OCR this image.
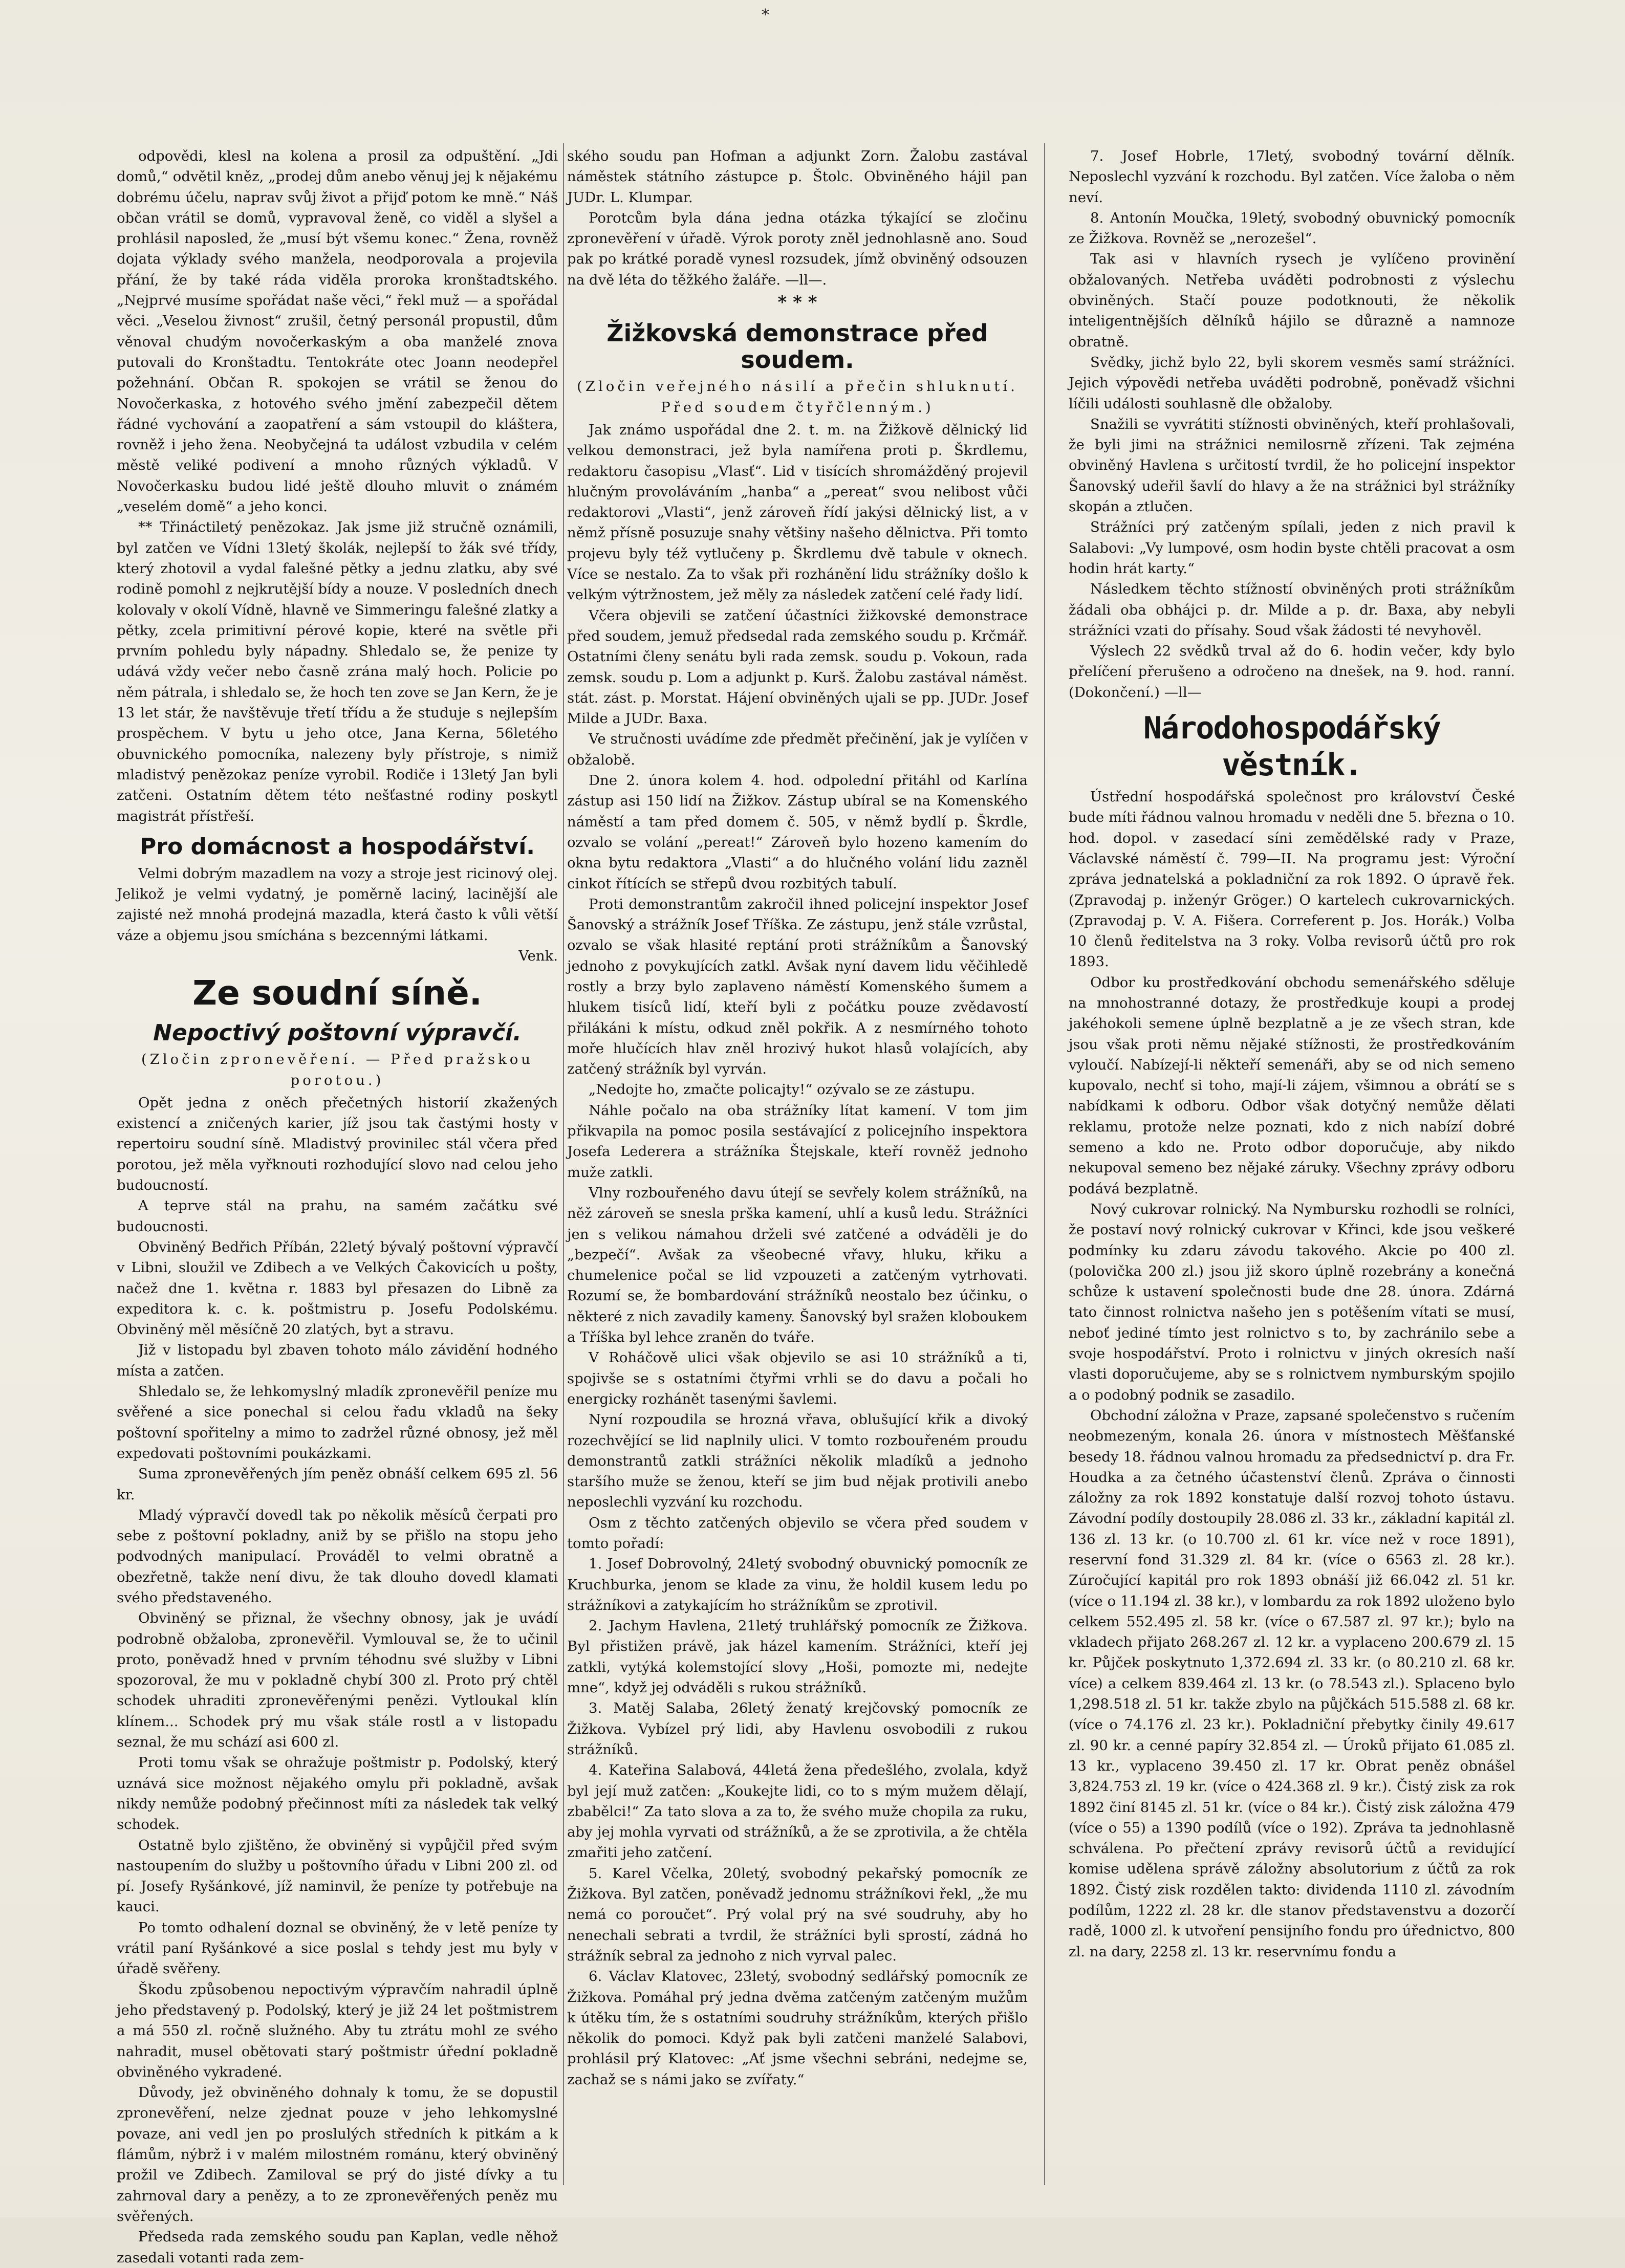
*

odpovědi, klesl na kolena a prosil za odpuštění. „Jdi domů,“ odvětil kněz, „prodej dům anebo věnuj jej k nějakému dobrému účelu, naprav svůj život a přijď potom ke mně.“ Náš občan vrátil se domů, vypravoval ženě, co viděl a slyšel a prohlásil naposled, že „musí být všemu konec.“ Žena, rovněž dojata výklady svého manžela, neodporovala a projevila přání, že by také ráda viděla proroka kronštadtského. „Nejprvé musíme spořádat naše věci,“ řekl muž — a spořádal věci. „Veselou živnost“ zrušil, četný personál propustil, dům věnoval chudým novočerkaským a oba manželé znova putovali do Kronštadtu. Tentokráte otec Joann neodepřel požehnání. Občan R. spokojen se vrátil se ženou do Novočerkaska, z hotového svého jmění zabezpečil dětem řádné vychování a zaopatření a sám vstoupil do kláštera, rovněž i jeho žena. Neobyčejná ta událost vzbudila v celém městě veliké podivení a mnoho různých výkladů. V Novočerkasku budou lidé ještě dlouho mluvit o známém „veselém domě“ a jeho konci.

** Třináctiletý penězokaz. Jak jsme již stručně oznámili, byl zatčen ve Vídni 13letý školák, nejlepší to žák své třídy, který zhotovil a vydal falešné pětky a jednu zlatku, aby své rodině pomohl z nejkrutější bídy a nouze. V posledních dnech kolovaly v okolí Vídně, hlavně ve Simmeringu falešné zlatky a pětky, zcela primitivní pérové kopie, které na světle při prvním pohledu byly nápadny. Shledalo se, že penize ty udává vždy večer nebo časně zrána malý hoch. Policie po něm pátrala, i shledalo se, že hoch ten zove se Jan Kern, že je 13 let stár, že navštěvuje třetí třídu a že studuje s nejlepším prospěchem. V bytu u jeho otce, Jana Kerna, 56letého obuvnického pomocníka, nalezeny byly přístroje, s nimiž mladistvý penězokaz peníze vyrobil. Rodiče i 13letý Jan byli zatčeni. Ostatním dětem této nešťastné rodiny poskytl magistrát přístřeší.

Pro domácnost a hospodářství.

Velmi dobrým mazadlem na vozy a stroje jest ricinový olej. Jelikož je velmi vydatný, je poměrně laciný, lacinější ale zajisté než mnohá prodejná mazadla, která často k vůli větší váze a objemu jsou smíchána s bezcennými látkami.

Venk.
Ze soudní síně.
Nepoctivý poštovní výpravčí.
(Zločin zpronevěření. — Před pražskou porotou.)

Opět jedna z oněch přečetných historií zkažených existencí a zničených karier, jíž jsou tak častými hosty v repertoiru soudní síně. Mladistvý provinilec stál včera před porotou, jež měla vyřknouti rozhodující slovo nad celou jeho budoucností.

A teprve stál na prahu, na samém začátku své budoucnosti.

Obviněný Bedřich Příbán, 22letý bývalý poštovní výpravčí v Libni, sloužil ve Zdibech a ve Velkých Čakovicích u pošty, načež dne 1. května r. 1883 byl přesazen do Libně za expeditora k. c. k. poštmistru p. Josefu Podolskému. Obviněný měl měsíčně 20 zlatých, byt a stravu.

Již v listopadu byl zbaven tohoto málo závidění hodného místa a zatčen.

Shledalo se, že lehkomyslný mladík zpronevěřil peníze mu svěřené a sice ponechal si celou řadu vkladů na šeky poštovní spořitelny a mimo to zadržel různé obnosy, jež měl expedovati poštovními poukázkami.

Suma zpronevěřených jím peněz obnáší celkem 695 zl. 56 kr.

Mladý výpravčí dovedl tak po několik měsíců čerpati pro sebe z poštovní pokladny, aniž by se přišlo na stopu jeho podvodných manipulací. Prováděl to velmi obratně a obezřetně, takže není divu, že tak dlouho dovedl klamati svého představeného.

Obviněný se přiznal, že všechny obnosy, jak je uvádí podrobně obžaloba, zpronevěřil. Vymlouval se, že to učinil proto, poněvadž hned v prvním téhodnu své služby v Libni spozoroval, že mu v pokladně chybí 300 zl. Proto prý chtěl schodek uhraditi zpronevěřenými penězi. Vytloukal klín klínem... Schodek prý mu však stále rostl a v listopadu seznal, že mu schází asi 600 zl.

Proti tomu však se ohražuje poštmistr p. Podolský, který uznává sice možnost nějakého omylu při pokladně, avšak nikdy nemůže podobný přečinnost míti za následek tak velký schodek.

Ostatně bylo zjištěno, že obviněný si vypůjčil před svým nastoupením do služby u poštovního úřadu v Libni 200 zl. od pí. Josefy Ryšánkové, jíž naminvil, že peníze ty potřebuje na kauci.

Po tomto odhalení doznal se obviněný, že v letě peníze ty vrátil paní Ryšánkové a sice poslal s tehdy jest mu byly v úřadě svěřeny.

Škodu způsobenou nepoctivým výpravčím nahradil úplně jeho představený p. Podolský, který je již 24 let poštmistrem a má 550 zl. ročně služného. Aby tu ztrátu mohl ze svého nahradit, musel obětovati starý poštmistr úřední pokladně obviněného vykradené.

Důvody, jež obviněného dohnaly k tomu, že se dopustil zpronevěření, nelze zjednat pouze v jeho lehkomyslné povaze, ani vedl jen po proslulých středních k pitkám a k flámům, nýbrž i v malém milostném románu, který obviněný prožil ve Zdibech. Zamiloval se prý do jisté dívky a tu zahrnoval dary a penězy, a to ze zpronevěřených peněz mu svěřených.

Předseda rada zemského soudu pan Kaplan, vedle něhož zasedali votanti rada zem-

ského soudu pan Hofman a adjunkt Zorn. Žalobu zastával náměstek státního zástupce p. Štolc. Obviněného hájil pan JUDr. L. Klumpar.

Porotcům byla dána jedna otázka týkající se zločinu zpronevěření v úřadě. Výrok poroty zněl jednohlasně ano. Soud pak po krátké poradě vynesl rozsudek, jímž obviněný odsouzen na dvě léta do těžkého žaláře. —ll—.

* * *
Žižkovská demonstrace před soudem.
(Zločin veřejného násilí a přečin shluknutí. Před soudem čtyřčlenným.)

Jak známo uspořádal dne 2. t. m. na Žižkově dělnický lid velkou demonstraci, jež byla namířena proti p. Škrdlemu, redaktoru časopisu „Vlasť“. Lid v tisících shromážděný projevil hlučným provoláváním „hanba“ a „pereat“ svou nelibost vůči redaktorovi „Vlasti“, jenž zároveň řídí jakýsi dělnický list, a v němž přísně posuzuje snahy většiny našeho dělnictva. Při tomto projevu byly též vytlučeny p. Škrdlemu dvě tabule v oknech. Více se nestalo. Za to však při rozhánění lidu strážníky došlo k velkým výtržnostem, jež měly za následek zatčení celé řady lidí.

Včera objevili se zatčení účastníci žižkovské demonstrace před soudem, jemuž předsedal rada zemského soudu p. Krčmář. Ostatními členy senátu byli rada zemsk. soudu p. Vokoun, rada zemsk. soudu p. Lom a adjunkt p. Kurš. Žalobu zastával náměst. stát. zást. p. Morstat. Hájení obviněných ujali se pp. JUDr. Josef Milde a JUDr. Baxa.

Ve stručnosti uvádíme zde předmět přečinění, jak je vylíčen v obžalobě.

Dne 2. února kolem 4. hod. odpolední přitáhl od Karlína zástup asi 150 lidí na Žižkov. Zástup ubíral se na Komenského náměstí a tam před domem č. 505, v němž bydlí p. Škrdle, ozvalo se volání „pereat!“ Zároveň bylo hozeno kamením do okna bytu redaktora „Vlasti“ a do hlučného volání lidu zazněl cinkot řítících se střepů dvou rozbitých tabulí.

Proti demonstrantům zakročil ihned policejní inspektor Josef Šanovský a strážník Josef Tříška. Ze zástupu, jenž stále vzrůstal, ozvalo se však hlasité reptání proti strážníkům a Šanovský jednoho z povykujících zatkl. Avšak nyní davem lidu věčihledě rostly a brzy bylo zaplaveno náměstí Komenského šumem a hlukem tisíců lidí, kteří byli z počátku pouze zvědavostí přilákáni k místu, odkud zněl pokřik. A z nesmírného tohoto moře hlučících hlav zněl hrozivý hukot hlasů volajících, aby zatčený strážník byl vyrván.

„Nedojte ho, zmačte policajty!“ ozývalo se ze zástupu.

Náhle počalo na oba strážníky lítat kamení. V tom jim přikvapila na pomoc posila sestávající z policejního inspektora Josefa Lederera a strážníka Štejskale, kteří rovněž jednoho muže zatkli.

Vlny rozbouřeného davu útejí se sevřely kolem strážníků, na něž zároveň se snesla prška kamení, uhlí a kusů ledu. Strážníci jen s velikou námahou drželi své zatčené a odváděli je do „bezpečí“. Avšak za všeobecné vřavy, hluku, křiku a chumelenice počal se lid vzpouzeti a zatčeným vytrhovati. Rozumí se, že bombardování strážníků neostalo bez účinku, o některé z nich zavadily kameny. Šanovský byl sražen kloboukem a Tříška byl lehce zraněn do tváře.

V Roháčově ulici však objevilo se asi 10 strážníků a ti, spojivše se s ostatními čtyřmi vrhli se do davu a počali ho energicky rozhánět tasenými šavlemi.

Nyní rozpoudila se hrozná vřava, oblušující křik a divoký rozechvějící se lid naplnily ulici. V tomto rozbouřeném proudu demonstrantů zatkli strážníci několik mladíků a jednoho staršího muže se ženou, kteří se jim bud nějak protivili anebo neposlechli vyzvání ku rozchodu.

Osm z těchto zatčených objevilo se včera před soudem v tomto pořadí:

1. Josef Dobrovolný, 24letý svobodný obuvnický pomocník ze Kruchburka, jenom se klade za vinu, že holdil kusem ledu po strážníkovi a zatykajícím ho strážníkům se zprotivil.

2. Jachym Havlena, 21letý truhlářský pomocník ze Žižkova. Byl přistižen právě, jak házel kamením. Strážníci, kteří jej zatkli, vytýká kolemstojící slovy „Hoši, pomozte mi, nedejte mne“, když jej odváděli s rukou strážníků.

3. Matěj Salaba, 26letý ženatý krejčovský pomocník ze Žižkova. Vybízel prý lidi, aby Havlenu osvobodili z rukou strážníků.

4. Kateřina Salabová, 44letá žena předešlého, zvolala, když byl její muž zatčen: „Koukejte lidi, co to s mým mužem dělají, zbabělci!“ Za tato slova a za to, že svého muže chopila za ruku, aby jej mohla vyrvati od strážníků, a že se zprotivila, a že chtěla zmařiti jeho zatčení.

5. Karel Včelka, 20letý, svobodný pekařský pomocník ze Žižkova. Byl zatčen, poněvadž jednomu strážníkovi řekl, „že mu nemá co poroučet“. Prý volal prý na své soudruhy, aby ho nenechali sebrati a tvrdil, že strážníci byli sprostí, zádná ho strážník sebral za jednoho z nich vyrval palec.

6. Václav Klatovec, 23letý, svobodný sedlářský pomocník ze Žižkova. Pomáhal prý jedna dvěma zatčeným zatčeným mužům k útěku tím, že s ostatními soudruhy strážníkům, kterých přišlo několik do pomoci. Když pak byli zatčeni manželé Salabovi, prohlásil prý Klatovec: „Ať jsme všechni sebráni, nedejme se, zachaž se s námi jako se zvířaty.“

7. Josef Hobrle, 17letý, svobodný tovární dělník. Neposlechl vyzvání k rozchodu. Byl zatčen. Více žaloba o něm neví.

8. Antonín Moučka, 19letý, svobodný obuvnický pomocník ze Žižkova. Rovněž se „nerozešel“.

Tak asi v hlavních rysech je vylíčeno provinění obžalovaných. Netřeba uváděti podrobnosti z výslechu obviněných. Stačí pouze podotknouti, že několik inteligentnějších dělníků hájilo se důrazně a namnoze obratně.

Svědky, jichž bylo 22, byli skorem vesměs samí strážníci. Jejich výpovědi netřeba uváděti podrobně, poněvadž všichni líčili události souhlasně dle obžaloby.

Snažili se vyvrátiti stížnosti obviněných, kteří prohlašovali, že byli jimi na strážnici nemilosrně zřízeni. Tak zejména obviněný Havlena s určitostí tvrdil, že ho policejní inspektor Šanovský udeřil šavlí do hlavy a že na strážnici byl strážníky skopán a ztlučen.

Strážníci prý zatčeným spílali, jeden z nich pravil k Salabovi: „Vy lumpové, osm hodin byste chtěli pracovat a osm hodin hrát karty.“

Následkem těchto stížností obviněných proti strážníkům žádali oba obhájci p. dr. Milde a p. dr. Baxa, aby nebyli strážníci vzati do přísahy. Soud však žádosti té nevyhověl.

Výslech 22 svědků trval až do 6. hodin večer, kdy bylo přelíčení přerušeno a odročeno na dnešek, na 9. hod. ranní. (Dokončení.) —ll—

Národohospodářský věstník.

Ústřední hospodářská společnost pro království České bude míti řádnou valnou hromadu v neděli dne 5. března o 10. hod. dopol. v zasedací síni zemědělské rady v Praze, Václavské náměstí č. 799—II. Na programu jest: Výroční zpráva jednatelská a pokladniční za rok 1892. O úpravě řek. (Zpravodaj p. inženýr Gröger.) O kartelech cukrovarnických. (Zpravodaj p. V. A. Fišera. Correferent p. Jos. Horák.) Volba 10 členů ředitelstva na 3 roky. Volba revisorů účtů pro rok 1893.

Odbor ku prostředkování obchodu semenářského sděluje na mnohostranné dotazy, že prostředkuje koupi a prodej jakéhokoli semene úplně bezplatně a je ze všech stran, kde jsou však proti němu nějaké stížnosti, že prostředkováním vyloučí. Nabízejí-li někteří semenáři, aby se od nich semeno kupovalo, nechť si toho, mají-li zájem, všimnou a obrátí se s nabídkami k odboru. Odbor však dotyčný nemůže dělati reklamu, protože nelze poznati, kdo z nich nabízí dobré semeno a kdo ne. Proto odbor doporučuje, aby nikdo nekupoval semeno bez nějaké záruky. Všechny zprávy odboru podává bezplatně.

Nový cukrovar rolnický. Na Nymbursku rozhodli se rolníci, že postaví nový rolnický cukrovar v Křinci, kde jsou veškeré podmínky ku zdaru závodu takového. Akcie po 400 zl. (polovička 200 zl.) jsou již skoro úplně rozebrány a konečná schůze k ustavení společnosti bude dne 28. února. Zdárná tato činnost rolnictva našeho jen s potěšením vítati se musí, neboť jediné tímto jest rolnictvo s to, by zachránilo sebe a svoje hospodářství. Proto i rolnictvu v jiných okresích naší vlasti doporučujeme, aby se s rolnictvem nymburským spojilo a o podobný podnik se zasadilo.

Obchodní záložna v Praze, zapsané společenstvo s ručením neobmezeným, konala 26. února v místnostech Měšťanské besedy 18. řádnou valnou hromadu za předsednictví p. dra Fr. Houdka a za četného účastenství členů. Zpráva o činnosti záložny za rok 1892 konstatuje další rozvoj tohoto ústavu. Závodní podíly dostoupily 28.086 zl. 33 kr., základní kapitál zl. 136 zl. 13 kr. (o 10.700 zl. 61 kr. více než v roce 1891), reservní fond 31.329 zl. 84 kr. (více o 6563 zl. 28 kr.). Zúročující kapitál pro rok 1893 obnáší již 66.042 zl. 51 kr. (více o 11.194 zl. 38 kr.), v lombardu za rok 1892 uloženo bylo celkem 552.495 zl. 58 kr. (více o 67.587 zl. 97 kr.); bylo na vkladech přijato 268.267 zl. 12 kr. a vyplaceno 200.679 zl. 15 kr. Půjček poskytnuto 1,372.694 zl. 33 kr. (o 80.210 zl. 68 kr. více) a celkem 839.464 zl. 13 kr. (o 78.543 zl.). Splaceno bylo 1,298.518 zl. 51 kr. takže zbylo na půjčkách 515.588 zl. 68 kr. (více o 74.176 zl. 23 kr.). Pokladniční přebytky činily 49.617 zl. 90 kr. a cenné papíry 32.854 zl. — Úroků přijato 61.085 zl. 13 kr., vyplaceno 39.450 zl. 17 kr. Obrat peněz obnášel 3,824.753 zl. 19 kr. (více o 424.368 zl. 9 kr.). Čistý zisk za rok 1892 činí 8145 zl. 51 kr. (více o 84 kr.). Čistý zisk záložna 479 (více o 55) a 1390 podílů (více o 192). Zpráva ta jednohlasně schválena. Po přečtení zprávy revisorů účtů a revidující komise udělena správě záložny absolutorium z účtů za rok 1892. Čistý zisk rozdělen takto: dividenda 1110 zl. závodním podílům, 1222 zl. 28 kr. dle stanov představenstvu a dozorčí radě, 1000 zl. k utvoření pensijního fondu pro úřednictvo, 800 zl. na dary, 2258 zl. 13 kr. reservnímu fondu a
